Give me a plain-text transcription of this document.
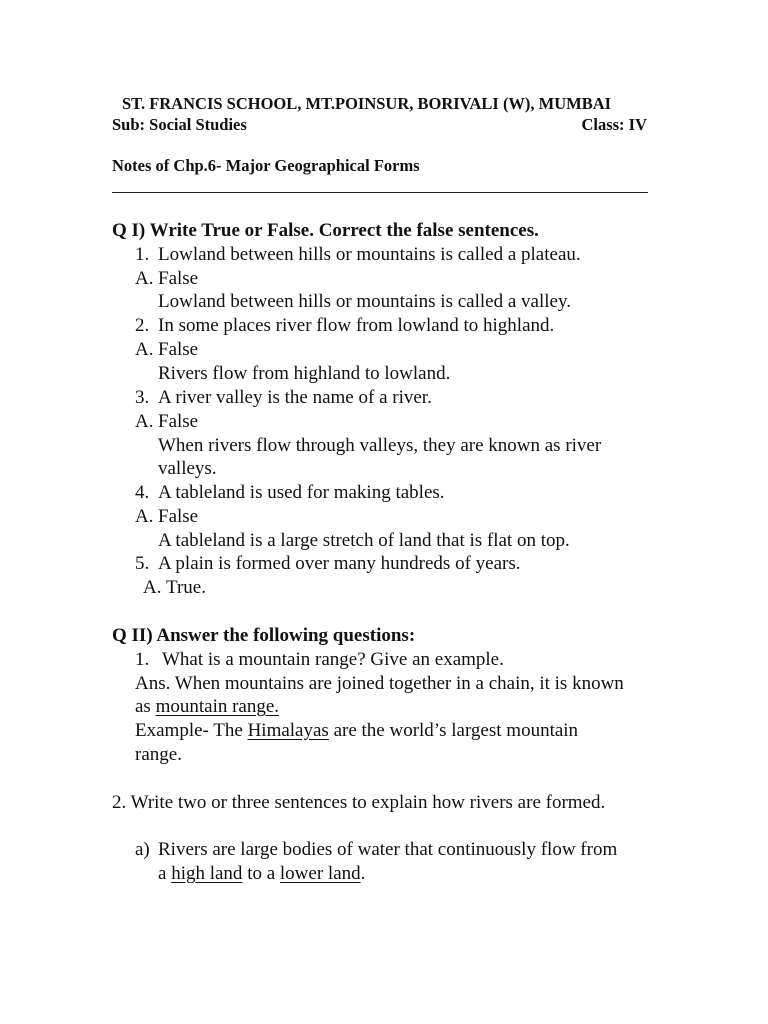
ST. FRANCIS SCHOOL, MT.POINSUR, BORIVALI (W), MUMBAI
Sub: Social Studies	Class: IV
Notes of Chp.6- Major Geographical Forms
Q I) Write True or False. Correct the false sentences.
1. Lowland between hills or mountains is called a plateau.
A. False
Lowland between hills or mountains is called a valley.
2. In some places river flow from lowland to highland.
A. False
Rivers flow from highland to lowland.
3. A river valley is the name of a river.
A. False
When rivers flow through valleys, they are known as river
valleys.
4. A tableland is used for making tables.
A. False
A tableland is a large stretch of land that is flat on top.
5. A plain is formed over many hundreds of years.
A. True.
Q II) Answer the following questions:
1. What is a mountain range? Give an example.
Ans. When mountains are joined together in a chain, it is known
as mountain range.
Example- The Himalayas are the world’s largest mountain
range.
2. Write two or three sentences to explain how rivers are formed.
a) Rivers are large bodies of water that continuously flow from
a high land to a lower land.
